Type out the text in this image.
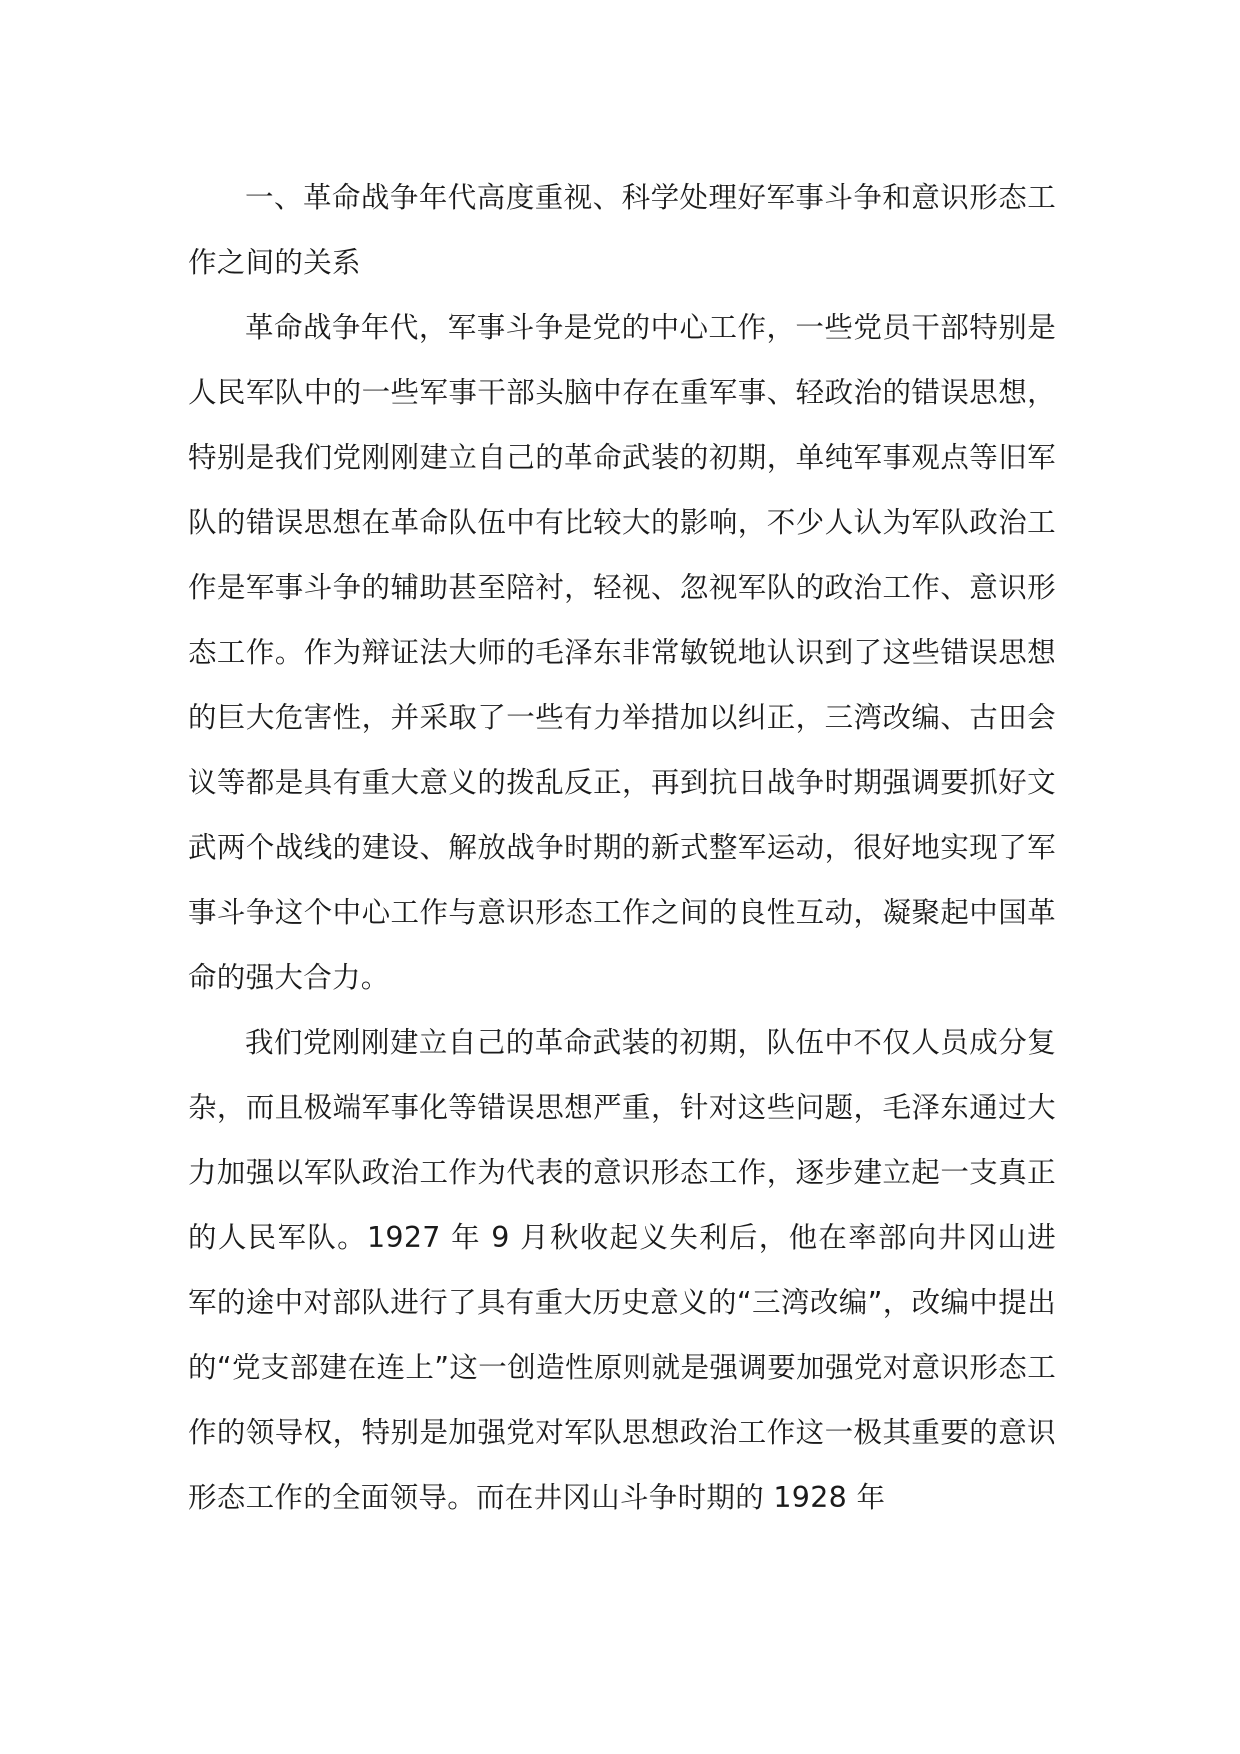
一、革命战争年代高度重视、科学处理好军事斗争和意识形态工作之间的关系

革命战争年代，军事斗争是党的中心工作，一些党员干部特别是人民军队中的一些军事干部头脑中存在重军事、轻政治的错误思想，特别是我们党刚刚建立自己的革命武装的初期，单纯军事观点等旧军队的错误思想在革命队伍中有比较大的影响，不少人认为军队政治工作是军事斗争的辅助甚至陪衬，轻视、忽视军队的政治工作、意识形态工作。作为辩证法大师的毛泽东非常敏锐地认识到了这些错误思想的巨大危害性，并采取了一些有力举措加以纠正，三湾改编、古田会议等都是具有重大意义的拨乱反正，再到抗日战争时期强调要抓好文武两个战线的建设、解放战争时期的新式整军运动，很好地实现了军事斗争这个中心工作与意识形态工作之间的良性互动，凝聚起中国革命的强大合力。

我们党刚刚建立自己的革命武装的初期，队伍中不仅人员成分复杂，而且极端军事化等错误思想严重，针对这些问题，毛泽东通过大力加强以军队政治工作为代表的意识形态工作，逐步建立起一支真正的人民军队。1927 年 9 月秋收起义失利后，他在率部向井冈山进军的途中对部队进行了具有重大历史意义的“三湾改编”，改编中提出的“党支部建在连上”这一创造性原则就是强调要加强党对意识形态工作的领导权，特别是加强党对军队思想政治工作这一极其重要的意识形态工作的全面领导。而在井冈山斗争时期的 1928 年
